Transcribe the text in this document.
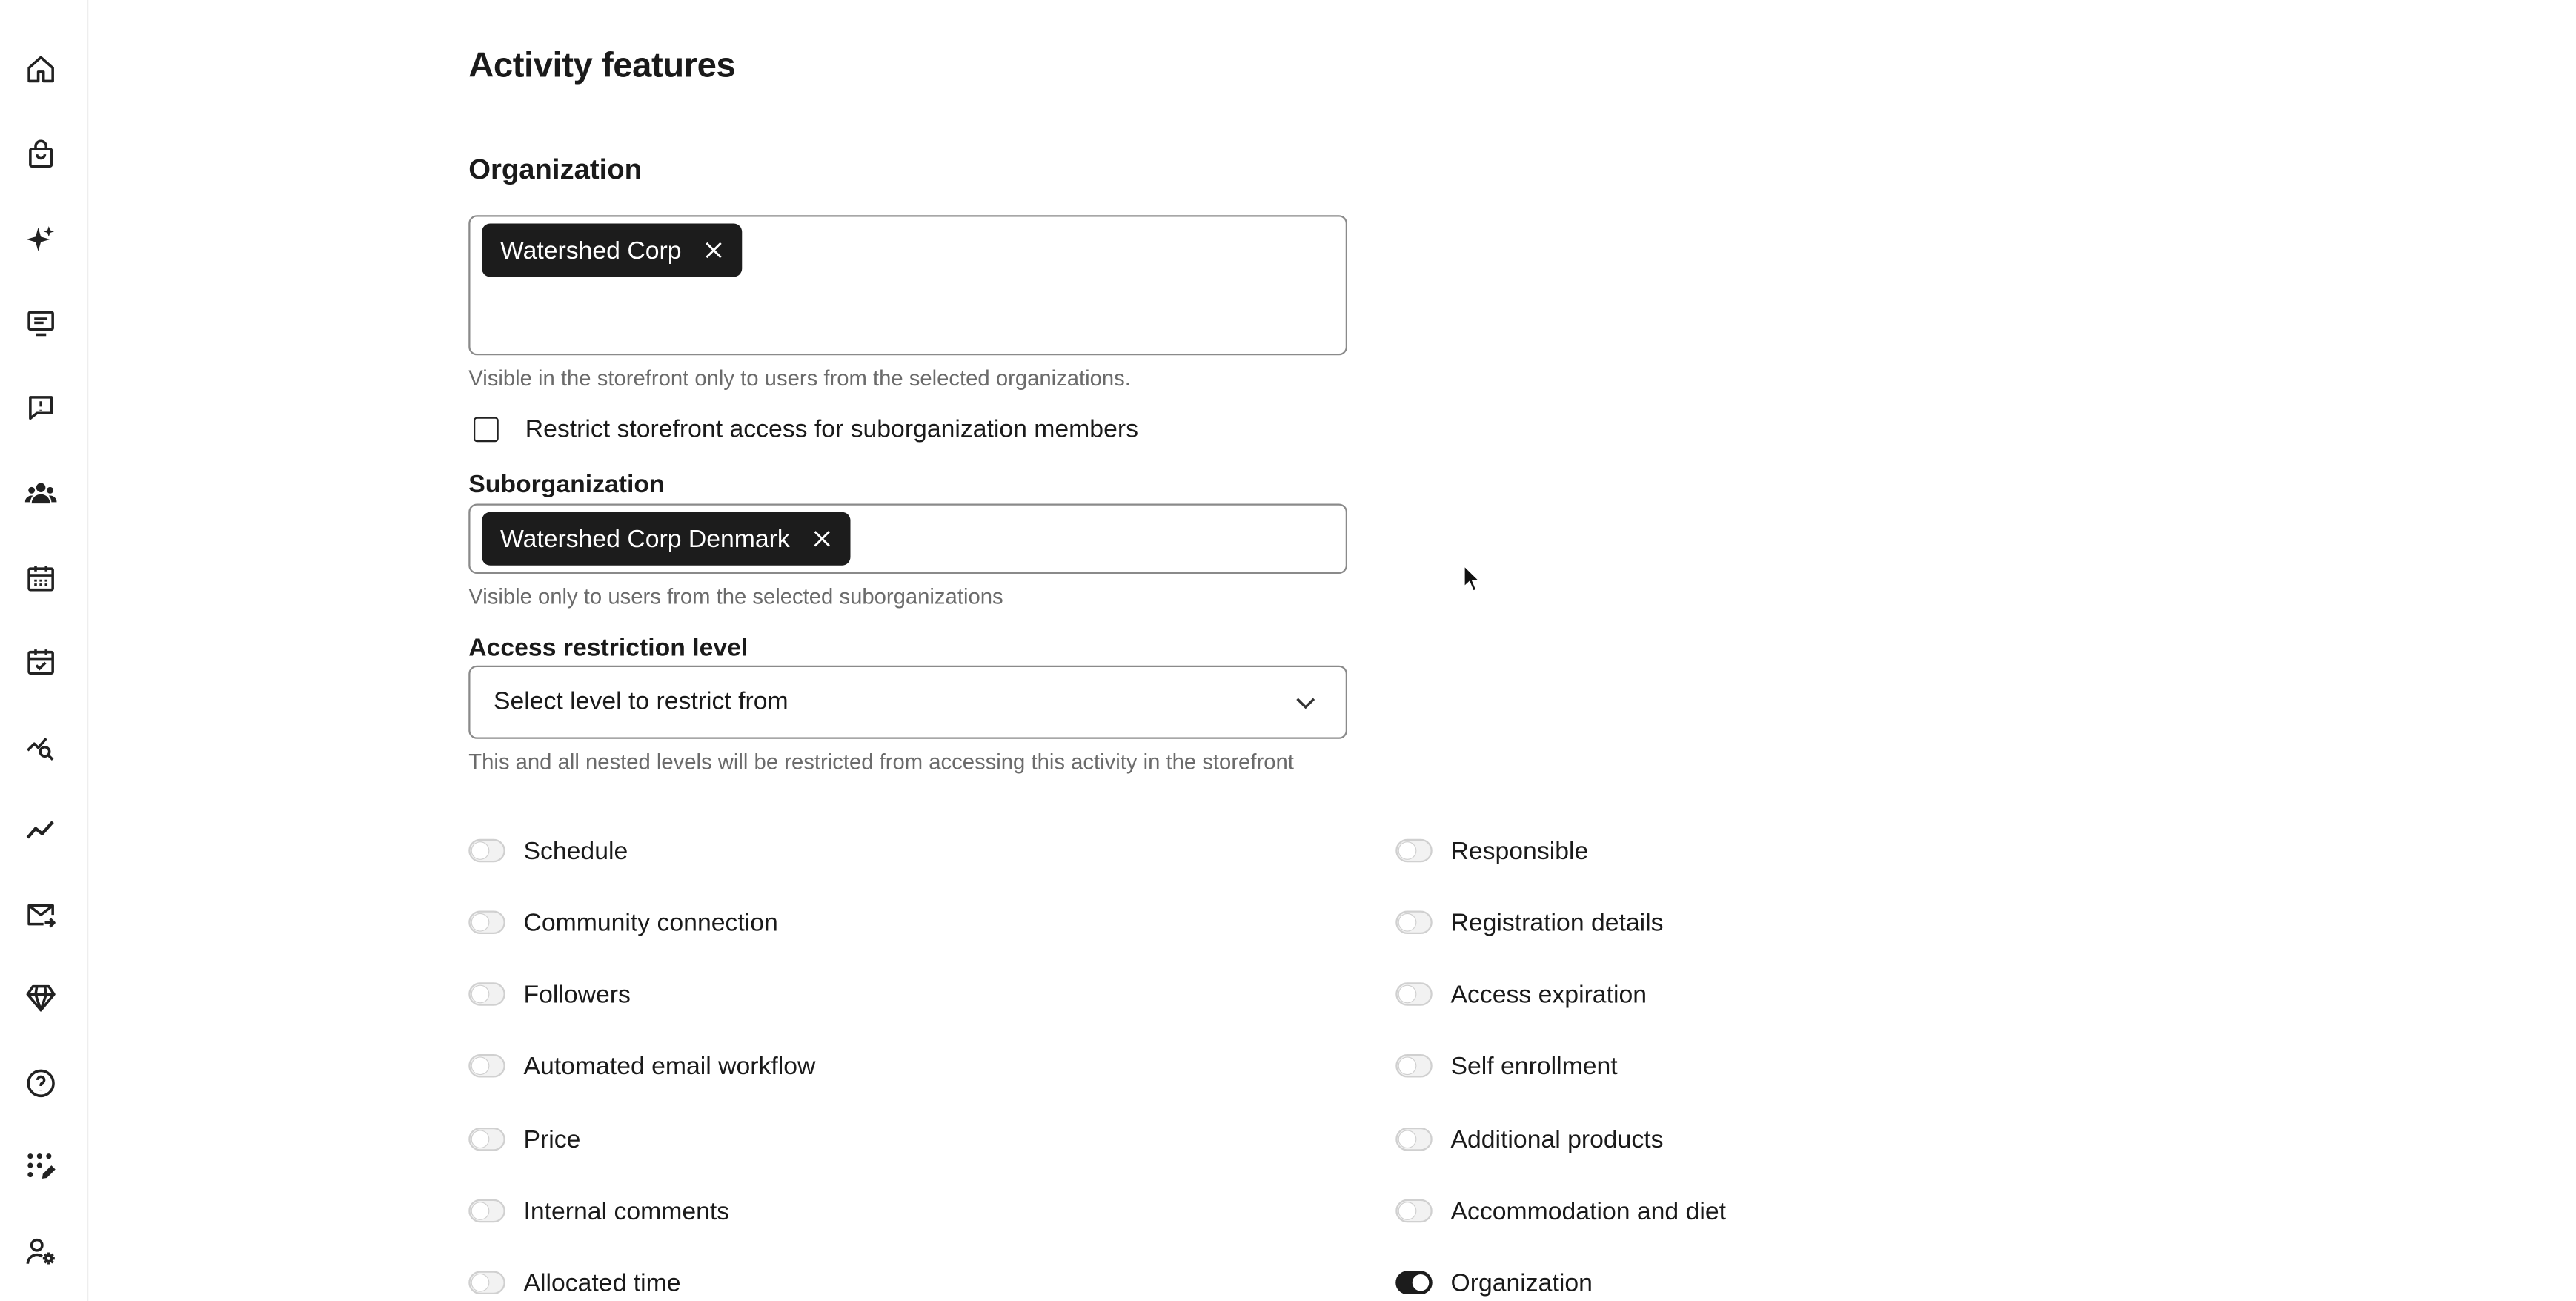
Activity features
Organization
Watershed Corp
Visible in the storefront only to users from the selected organizations.
Restrict storefront access for suborganization members
Suborganization
Watershed Corp Denmark
Visible only to users from the selected suborganizations
Access restriction level
Select level to restrict from
This and all nested levels will be restricted from accessing this activity in the storefront
Schedule
Community connection
Followers
Automated email workflow
Price
Internal comments
Allocated time
Responsible
Registration details
Access expiration
Self enrollment
Additional products
Accommodation and diet
Organization
